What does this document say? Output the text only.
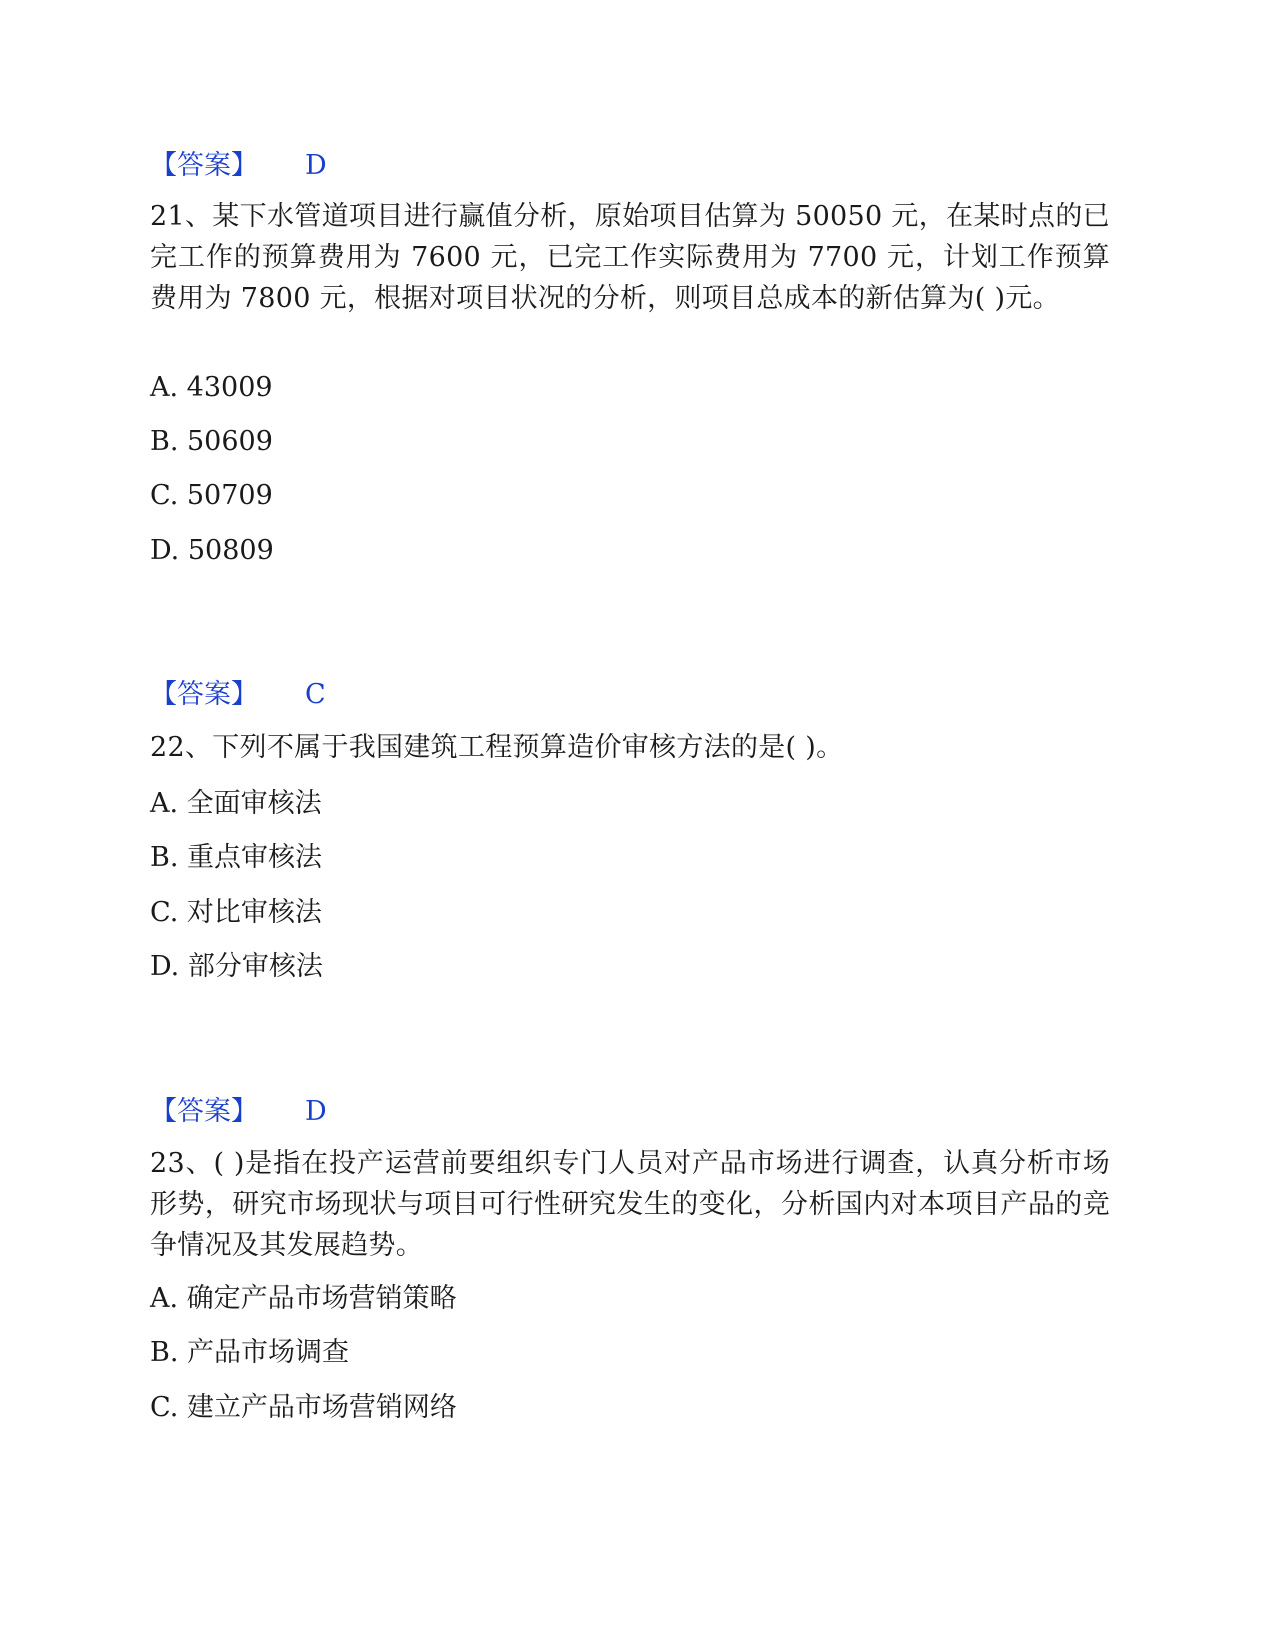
【答案】 D
21、某下水管道项目进行赢值分析，原始项目估算为 50050 元，在某时点的已完工作的预算费用为 7600 元，已完工作实际费用为 7700 元，计划工作预算费用为 7800 元，根据对项目状况的分析，则项目总成本的新估算为( )元。
A. 43009
B. 50609
C. 50709
D. 50809
【答案】 C
22、下列不属于我国建筑工程预算造价审核方法的是( )。
A. 全面审核法
B. 重点审核法
C. 对比审核法
D. 部分审核法
【答案】 D
23、( )是指在投产运营前要组织专门人员对产品市场进行调查，认真分析市场形势，研究市场现状与项目可行性研究发生的变化，分析国内对本项目产品的竞争情况及其发展趋势。
A. 确定产品市场营销策略
B. 产品市场调查
C. 建立产品市场营销网络
